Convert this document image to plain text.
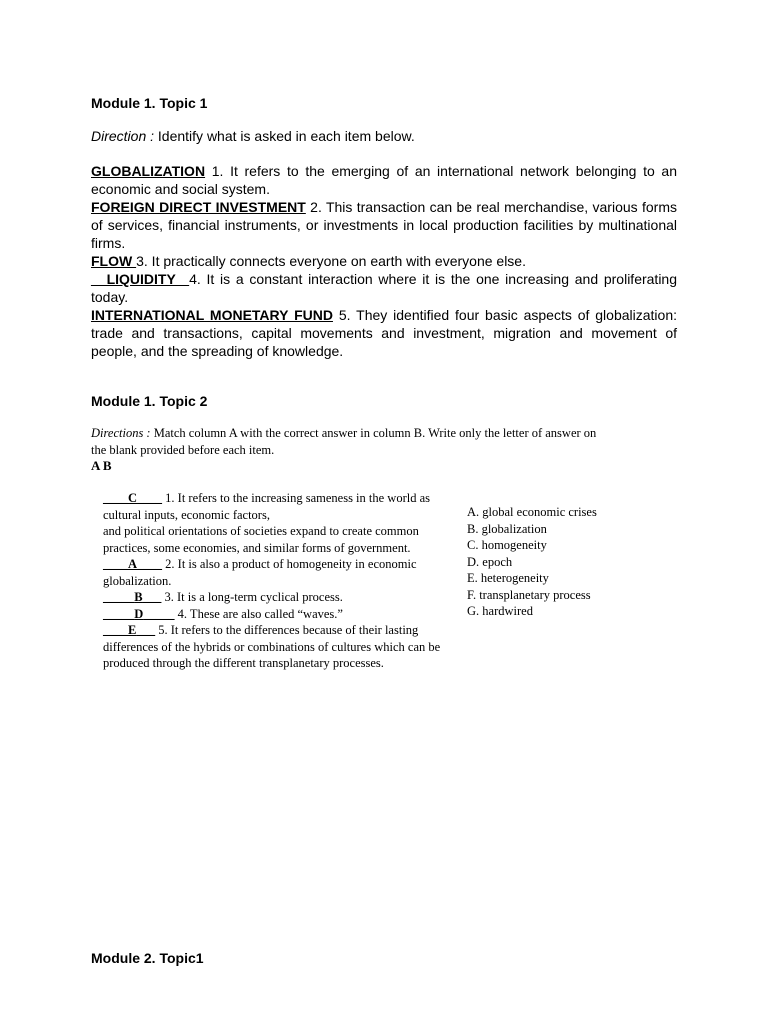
Module 1. Topic 1
Direction : Identify what is asked in each item below.

GLOBALIZATION 1. It refers to the emerging of an international network belonging to an economic and social system.

FOREIGN DIRECT INVESTMENT 2. This transaction can be real merchandise, various forms of services, financial instruments, or investments in local production facilities by multinational firms.

FLOW 3. It practically connects everyone on earth with everyone else.

__LIQUIDITY _4. It is a constant interaction where it is the one increasing and proliferating today.

INTERNATIONAL MONETARY FUND 5. They identified four basic aspects of globalization: trade and transactions, capital movements and investment, migration and movement of people, and the spreading of knowledge.

Module 1. Topic 2
Directions : Match column A with the correct answer in column B. Write only the letter of answer on the blank provided before each item.
A B

____C____ 1. It refers to the increasing sameness in the world as cultural inputs, economic factors,

and political orientations of societies expand to create common practices, some economies, and similar forms of government.

____A____ 2. It is also a product of homogeneity in economic globalization.

_____B___ 3. It is a long-term cyclical process.

_____D_____ 4. These are also called “waves.”

____E___ 5. It refers to the differences because of their lasting differences of the hybrids or combinations of cultures which can be produced through the different transplanetary processes.

A. global economic crises
B. globalization
C. homogeneity
D. epoch
E. heterogeneity
F. transplanetary process
G. hardwired
Module 2. Topic1
